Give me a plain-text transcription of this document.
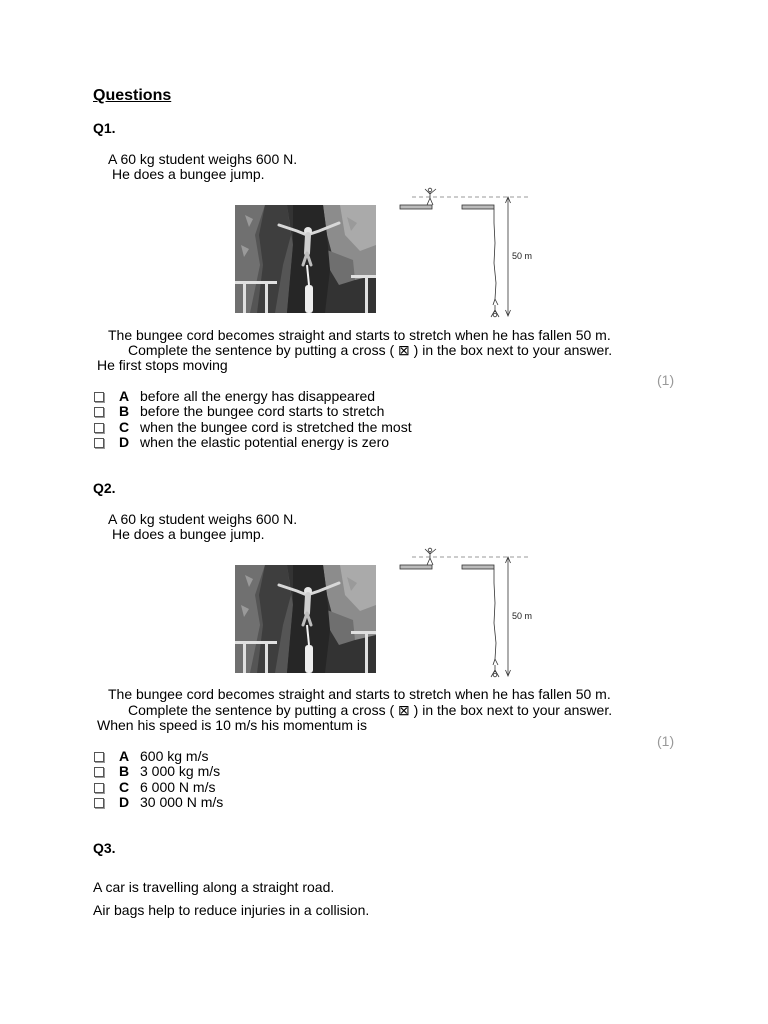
Questions
Q1.
A 60 kg student weighs 600 N.
He does a bungee jump.
50 m
The bungee cord becomes straight and starts to stretch when he has fallen 50 m.
Complete the sentence by putting a cross ( ⊠ ) in the box next to your answer.
He first stops moving
(1)
A before all the energy has disappeared
B before the bungee cord starts to stretch
C when the bungee cord is stretched the most
D when the elastic potential energy is zero
Q2.
A 60 kg student weighs 600 N.
He does a bungee jump.
50 m
The bungee cord becomes straight and starts to stretch when he has fallen 50 m.
Complete the sentence by putting a cross ( ⊠ ) in the box next to your answer.
When his speed is 10 m/s his momentum is
(1)
A 600 kg m/s
B 3 000 kg m/s
C 6 000 N m/s
D 30 000 N m/s
Q3.
A car is travelling along a straight road.
Air bags help to reduce injuries in a collision.
